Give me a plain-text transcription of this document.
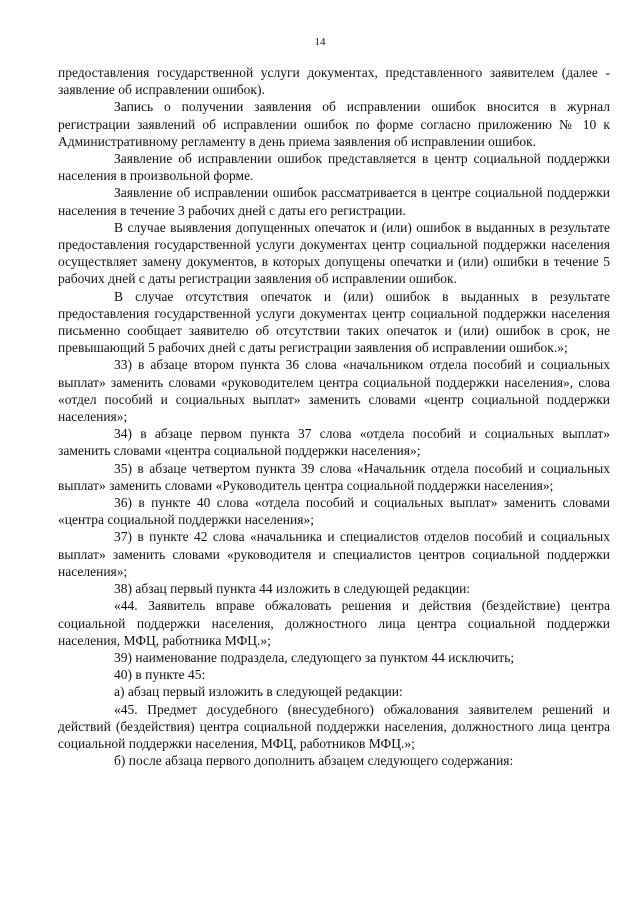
14

предоставления государственной услуги документах, представленного заявителем (далее - заявление об исправлении ошибок).

Запись о получении заявления об исправлении ошибок вносится в журнал регистрации заявлений об исправлении ошибок по форме согласно приложению № 10 к Административному регламенту в день приема заявления об исправлении ошибок.

Заявление об исправлении ошибок представляется в центр социальной поддержки населения в произвольной форме.

Заявление об исправлении ошибок рассматривается в центре социальной поддержки населения в течение 3 рабочих дней с даты его регистрации.

В случае выявления допущенных опечаток и (или) ошибок в выданных в результате предоставления государственной услуги документах центр социальной поддержки населения осуществляет замену документов, в которых допущены опечатки и (или) ошибки в течение 5 рабочих дней с даты регистрации заявления об исправлении ошибок.

В случае отсутствия опечаток и (или) ошибок в выданных в результате предоставления государственной услуги документах центр социальной поддержки населения письменно сообщает заявителю об отсутствии таких опечаток и (или) ошибок в срок, не превышающий 5 рабочих дней с даты регистрации заявления об исправлении ошибок.»;

33) в абзаце втором пункта 36 слова «начальником отдела пособий и социальных выплат» заменить словами «руководителем центра социальной поддержки населения», слова «отдел пособий и социальных выплат» заменить словами «центр социальной поддержки населения»;

34) в абзаце первом пункта 37 слова «отдела пособий и социальных выплат» заменить словами «центра социальной поддержки населения»;

35) в абзаце четвертом пункта 39 слова «Начальник отдела пособий и социальных выплат» заменить словами «Руководитель центра социальной поддержки населения»;

36) в пункте 40 слова «отдела пособий и социальных выплат» заменить словами «центра социальной поддержки населения»;

37) в пункте 42 слова «начальника и специалистов отделов пособий и социальных выплат» заменить словами «руководителя и специалистов центров социальной поддержки населения»;

38) абзац первый пункта 44 изложить в следующей редакции:

«44. Заявитель вправе обжаловать решения и действия (бездействие) центра социальной поддержки населения, должностного лица центра социальной поддержки населения, МФЦ, работника МФЦ.»;

39) наименование подраздела, следующего за пунктом 44 исключить;

40) в пункте 45:

а) абзац первый изложить в следующей редакции:

«45. Предмет досудебного (внесудебного) обжалования заявителем решений и действий (бездействия) центра социальной поддержки населения, должностного лица центра социальной поддержки населения, МФЦ, работников МФЦ.»;

б) после абзаца первого дополнить абзацем следующего содержания:
